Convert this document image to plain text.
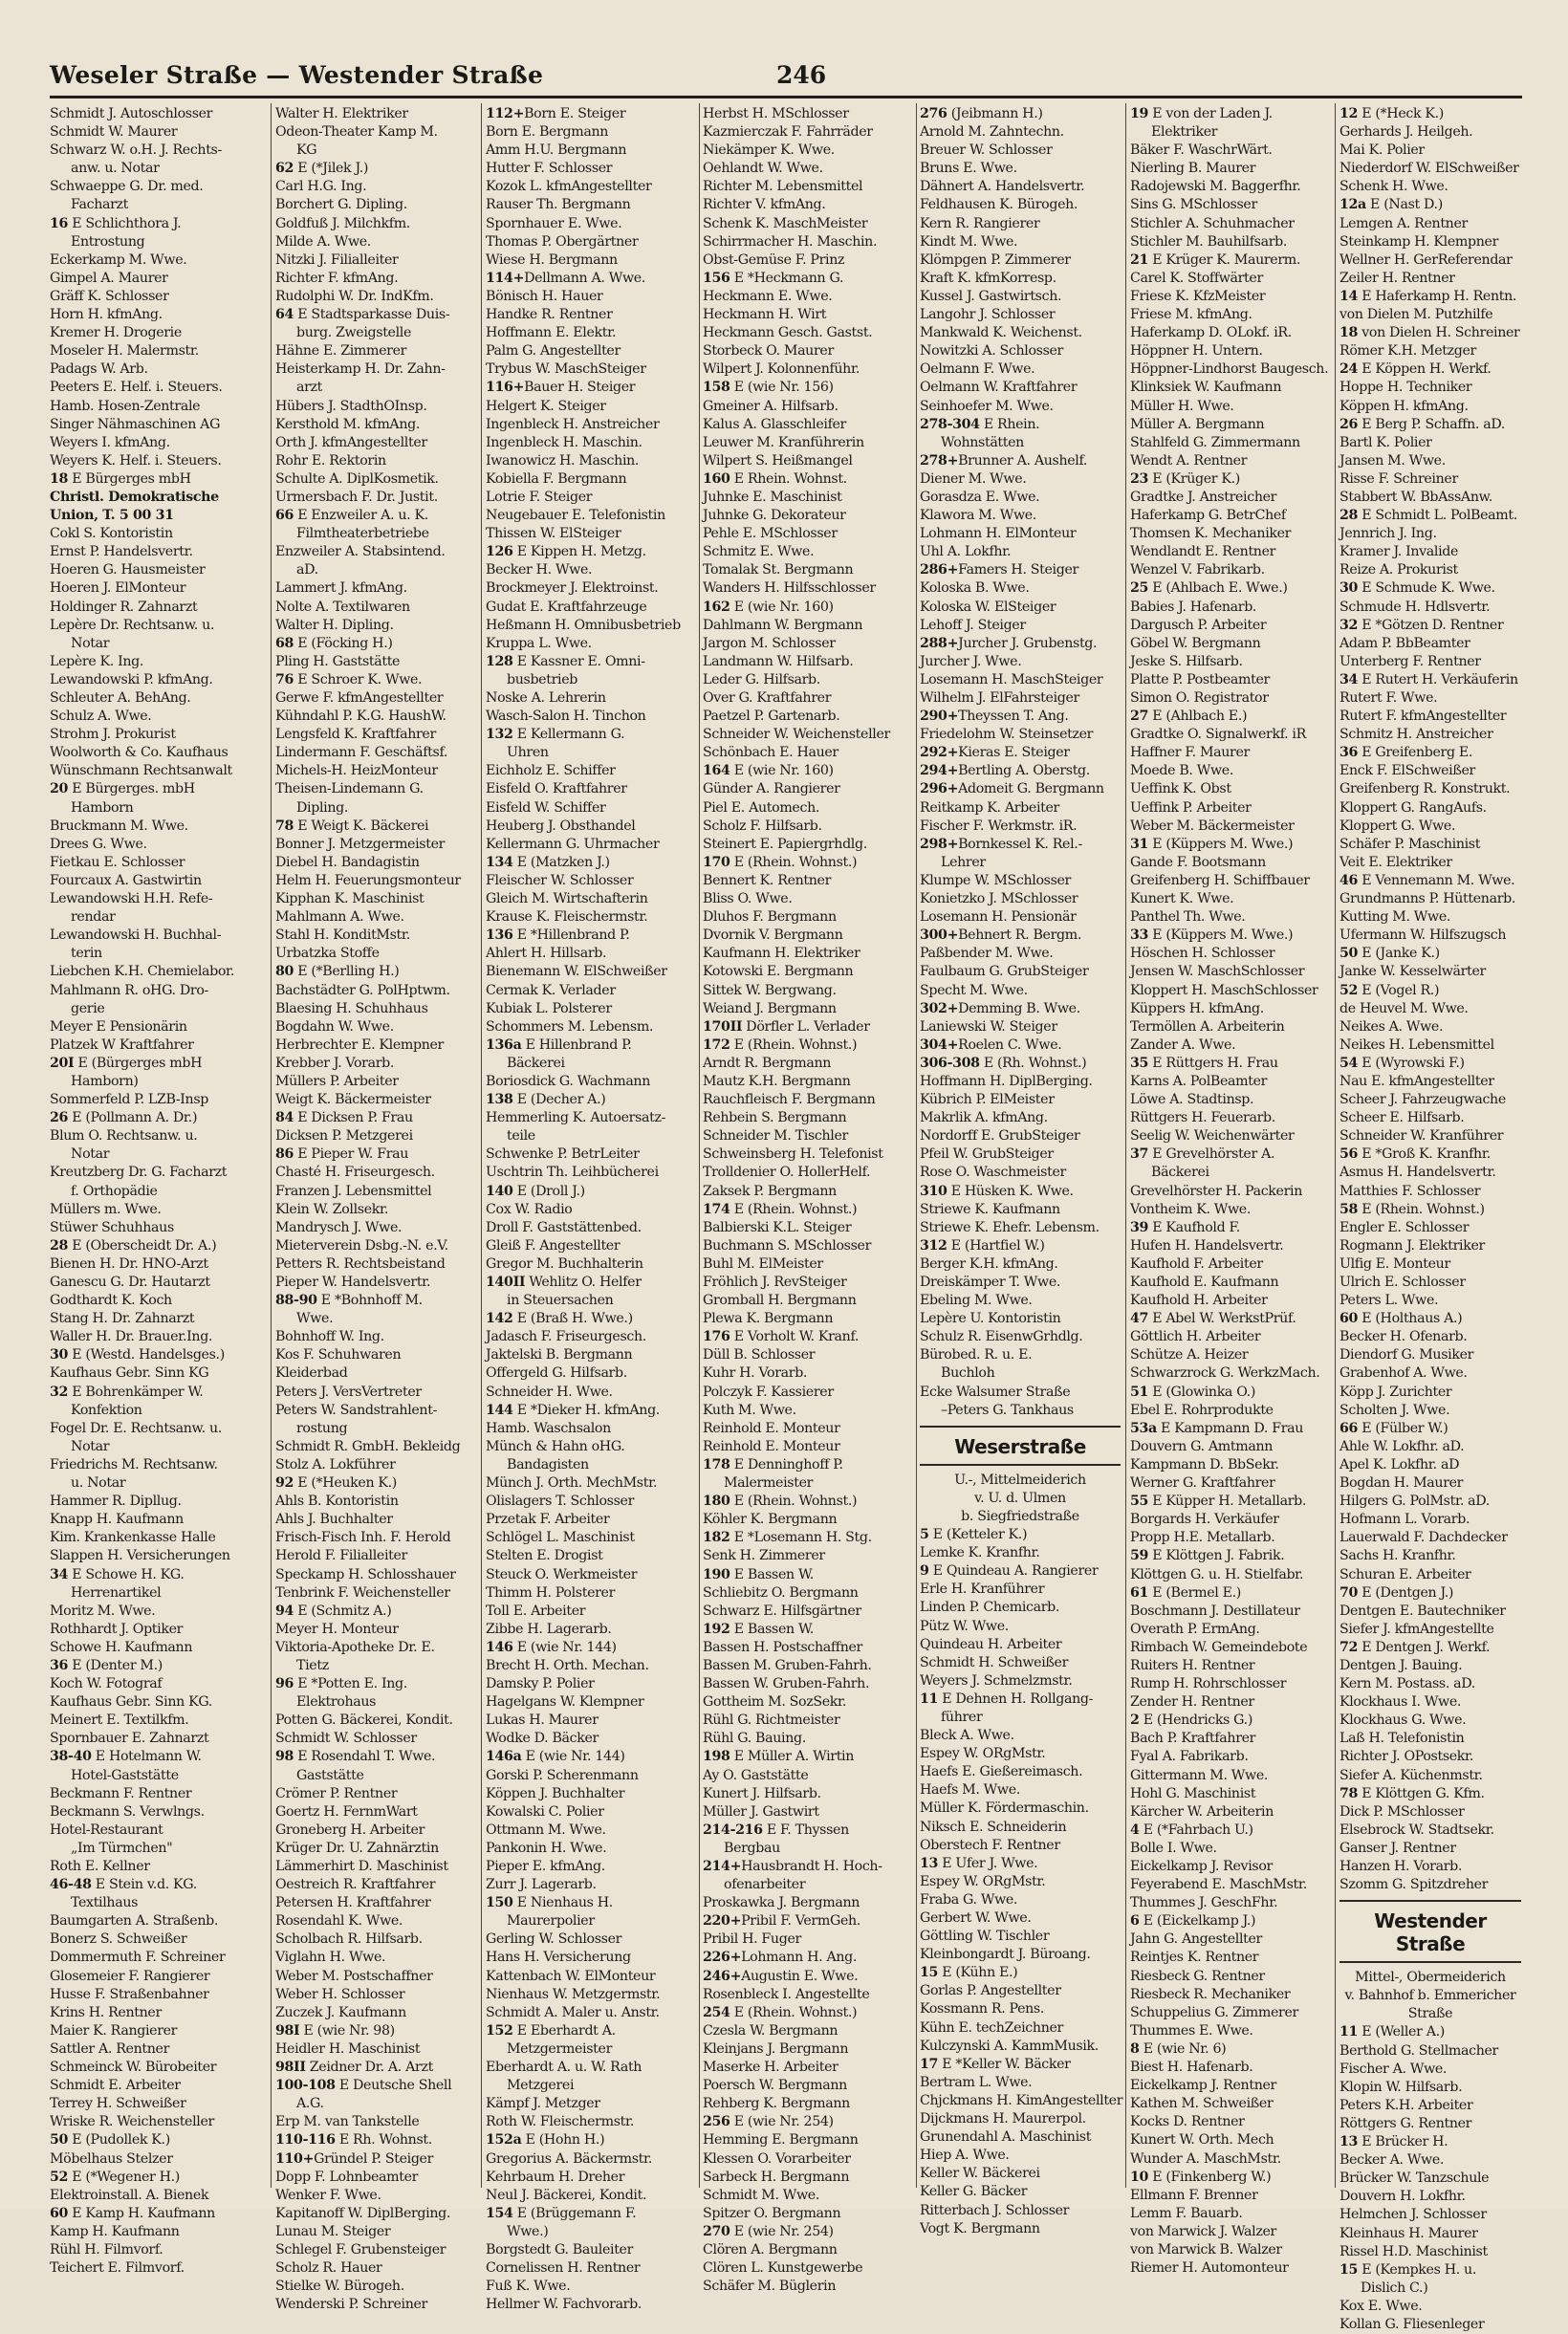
Weseler Straße — Westender Straße	246
Schmidt J. Autoschlosser
Schmidt W. Maurer
Schwarz W. o.H. J. Rechts-
anw. u. Notar
Schwaeppe G. Dr. med.
Facharzt
16 E Schlichthora J.
Entrostung
Eckerkamp M. Wwe.
Gimpel A. Maurer
Gräff K. Schlosser
Horn H. kfmAng.
Kremer H. Drogerie
Moseler H. Malermstr.
Padags W. Arb.
Peeters E. Helf. i. Steuers.
Hamb. Hosen-Zentrale
Singer Nähmaschinen AG
Weyers I. kfmAng.
Weyers K. Helf. i. Steuers.
18 E Bürgerges mbH
Christl. Demokratische
Union, T. 5 00 31
Cokl S. Kontoristin
Ernst P. Handelsvertr.
Hoeren G. Hausmeister
Hoeren J. ElMonteur
Holdinger R. Zahnarzt
Lepère Dr. Rechtsanw. u.
Notar
Lepère K. Ing.
Lewandowski P. kfmAng.
Schleuter A. BehAng.
Schulz A. Wwe.
Strohm J. Prokurist
Woolworth & Co. Kaufhaus
Wünschmann Rechtsanwalt
20 E Bürgerges. mbH
Hamborn
Bruckmann M. Wwe.
Drees G. Wwe.
Fietkau E. Schlosser
Fourcaux A. Gastwirtin
Lewandowski H.H. Refe-
rendar
Lewandowski H. Buchhal-
terin
Liebchen K.H. Chemielabor.
Mahlmann R. oHG. Dro-
gerie
Meyer E Pensionärin
Platzek W Kraftfahrer
20I E (Bürgerges mbH
Hamborn)
Sommerfeld P. LZB-Insp
26 E (Pollmann A. Dr.)
Blum O. Rechtsanw. u.
Notar
Kreutzberg Dr. G. Facharzt
f. Orthopädie
Müllers m. Wwe.
Stüwer Schuhhaus
28 E (Oberscheidt Dr. A.)
Bienen H. Dr. HNO-Arzt
Ganescu G. Dr. Hautarzt
Godthardt K. Koch
Stang H. Dr. Zahnarzt
Waller H. Dr. Brauer.Ing.
30 E (Westd. Handelsges.)
Kaufhaus Gebr. Sinn KG
32 E Bohrenkämper W.
Konfektion
Fogel Dr. E. Rechtsanw. u.
Notar
Friedrichs M. Rechtsanw.
u. Notar
Hammer R. Dipllug.
Knapp H. Kaufmann
Kim. Krankenkasse Halle
Slappen H. Versicherungen
34 E Schowe H. KG.
Herrenartikel
Moritz M. Wwe.
Rothhardt J. Optiker
Schowe H. Kaufmann
36 E (Denter M.)
Koch W. Fotograf
Kaufhaus Gebr. Sinn KG.
Meinert E. Textilkfm.
Spornbauer E. Zahnarzt
38-40 E Hotelmann W.
Hotel-Gaststätte
Beckmann F. Rentner
Beckmann S. Verwlngs.
Hotel-Restaurant
„Im Türmchen"
Roth E. Kellner
46-48 E Stein v.d. KG.
Textilhaus
Baumgarten A. Straßenb.
Bonerz S. Schweißer
Dommermuth F. Schreiner
Glosemeier F. Rangierer
Husse F. Straßenbahner
Krins H. Rentner
Maier K. Rangierer
Sattler A. Rentner
Schmeinck W. Bürobeiter
Schmidt E. Arbeiter
Terrey H. Schweißer
Wriske R. Weichensteller
50 E (Pudollek K.)
Möbelhaus Stelzer
52 E (*Wegener H.)
Elektroinstall. A. Bienek
60 E Kamp H. Kaufmann
Kamp H. Kaufmann
Rühl H. Filmvorf.
Teichert E. Filmvorf.
Walter H. Elektriker
Odeon-Theater Kamp M.
KG
62 E (*Jilek J.)
Carl H.G. Ing.
Borchert G. Dipling.
Goldfuß J. Milchkfm.
Milde A. Wwe.
Nitzki J. Filialleiter
Richter F. kfmAng.
Rudolphi W. Dr. IndKfm.
64 E Stadtsparkasse Duis-
burg. Zweigstelle
Hähne E. Zimmerer
Heisterkamp H. Dr. Zahn-
arzt
Hübers J. StadthOInsp.
Kersthold M. kfmAng.
Orth J. kfmAngestellter
Rohr E. Rektorin
Schulte A. DiplKosmetik.
Urmersbach F. Dr. Justit.
66 E Enzweiler A. u. K.
Filmtheaterbetriebe
Enzweiler A. Stabsintend.
aD.
Lammert J. kfmAng.
Nolte A. Textilwaren
Walter H. Dipling.
68 E (Föcking H.)
Pling H. Gaststätte
76 E Schroer K. Wwe.
Gerwe F. kfmAngestellter
Kühndahl P. K.G. HaushW.
Lengsfeld K. Kraftfahrer
Lindermann F. Geschäftsf.
Michels-H. HeizMonteur
Theisen-Lindemann G.
Dipling.
78 E Weigt K. Bäckerei
Bonner J. Metzgermeister
Diebel H. Bandagistin
Helm H. Feuerungsmonteur
Kipphan K. Maschinist
Mahlmann A. Wwe.
Stahl H. KonditMstr.
Urbatzka Stoffe
80 E (*Berlling H.)
Bachstädter G. PolHptwm.
Blaesing H. Schuhhaus
Bogdahn W. Wwe.
Herbrechter E. Klempner
Krebber J. Vorarb.
Müllers P. Arbeiter
Weigt K. Bäckermeister
84 E Dicksen P. Frau
Dicksen P. Metzgerei
86 E Pieper W. Frau
Chasté H. Friseurgesch.
Franzen J. Lebensmittel
Klein W. Zollsekr.
Mandrysch J. Wwe.
Mieterverein Dsbg.-N. e.V.
Petters R. Rechtsbeistand
Pieper W. Handelsvertr.
88-90 E *Bohnhoff M.
Wwe.
Bohnhoff W. Ing.
Kos F. Schuhwaren
Kleiderbad
Peters J. VersVertreter
Peters W. Sandstrahlent-
rostung
Schmidt R. GmbH. Bekleidg
Stolz A. Lokführer
92 E (*Heuken K.)
Ahls B. Kontoristin
Ahls J. Buchhalter
Frisch-Fisch Inh. F. Herold
Herold F. Filialleiter
Speckamp H. Schlosshauer
Tenbrink F. Weichensteller
94 E (Schmitz A.)
Meyer H. Monteur
Viktoria-Apotheke Dr. E.
Tietz
96 E *Potten E. Ing.
Elektrohaus
Potten G. Bäckerei, Kondit.
Schmidt W. Schlosser
98 E Rosendahl T. Wwe.
Gaststätte
Crömer P. Rentner
Goertz H. FernmWart
Groneberg H. Arbeiter
Krüger Dr. U. Zahnärztin
Lämmerhirt D. Maschinist
Oestreich R. Kraftfahrer
Petersen H. Kraftfahrer
Rosendahl K. Wwe.
Scholbach R. Hilfsarb.
Viglahn H. Wwe.
Weber M. Postschaffner
Weber H. Schlosser
Zuczek J. Kaufmann
98I E (wie Nr. 98)
Heidler H. Maschinist
98II Zeidner Dr. A. Arzt
100-108 E Deutsche Shell
A.G.
Erp M. van Tankstelle
110-116 E Rh. Wohnst.
110+Gründel P. Steiger
Dopp F. Lohnbeamter
Wenker F. Wwe.
Kapitanoff W. DiplBerging.
Lunau M. Steiger
Schlegel F. Grubensteiger
Scholz R. Hauer
Stielke W. Bürogeh.
Wenderski P. Schreiner
112+Born E. Steiger
Born E. Bergmann
Amm H.U. Bergmann
Hutter F. Schlosser
Kozok L. kfmAngestellter
Rauser Th. Bergmann
Spornhauer E. Wwe.
Thomas P. Obergärtner
Wiese H. Bergmann
114+Dellmann A. Wwe.
Bönisch H. Hauer
Handke R. Rentner
Hoffmann E. Elektr.
Palm G. Angestellter
Trybus W. MaschSteiger
116+Bauer H. Steiger
Helgert K. Steiger
Ingenbleck H. Anstreicher
Ingenbleck H. Maschin.
Iwanowicz H. Maschin.
Kobiella F. Bergmann
Lotrie F. Steiger
Neugebauer E. Telefonistin
Thissen W. ElSteiger
126 E Kippen H. Metzg.
Becker H. Wwe.
Brockmeyer J. Elektroinst.
Gudat E. Kraftfahrzeuge
Heßmann H. Omnibusbetrieb
Kruppa L. Wwe.
128 E Kassner E. Omni-
busbetrieb
Noske A. Lehrerin
Wasch-Salon H. Tinchon
132 E Kellermann G.
Uhren
Eichholz E. Schiffer
Eisfeld O. Kraftfahrer
Eisfeld W. Schiffer
Heuberg J. Obsthandel
Kellermann G. Uhrmacher
134 E (Matzken J.)
Fleischer W. Schlosser
Gleich M. Wirtschafterin
Krause K. Fleischermstr.
136 E *Hillenbrand P.
Ahlert H. Hillsarb.
Bienemann W. ElSchweißer
Cermak K. Verlader
Kubiak L. Polsterer
Schommers M. Lebensm.
136a E Hillenbrand P.
Bäckerei
Boriosdick G. Wachmann
138 E (Decher A.)
Hemmerling K. Autoersatz-
teile
Schwenke P. BetrLeiter
Uschtrin Th. Leihbücherei
140 E (Droll J.)
Cox W. Radio
Droll F. Gaststättenbed.
Gleiß F. Angestellter
Gregor M. Buchhalterin
140II Wehlitz O. Helfer
in Steuersachen
142 E (Braß H. Wwe.)
Jadasch F. Friseurgesch.
Jaktelski B. Bergmann
Offergeld G. Hilfsarb.
Schneider H. Wwe.
144 E *Dieker H. kfmAng.
Hamb. Waschsalon
Münch & Hahn oHG.
Bandagisten
Münch J. Orth. MechMstr.
Olislagers T. Schlosser
Przetak F. Arbeiter
Schlögel L. Maschinist
Stelten E. Drogist
Steuck O. Werkmeister
Thimm H. Polsterer
Toll E. Arbeiter
Zibbe H. Lagerarb.
146 E (wie Nr. 144)
Brecht H. Orth. Mechan.
Damsky P. Polier
Hagelgans W. Klempner
Lukas H. Maurer
Wodke D. Bäcker
146a E (wie Nr. 144)
Gorski P. Scherenmann
Köppen J. Buchhalter
Kowalski C. Polier
Ottmann M. Wwe.
Pankonin H. Wwe.
Pieper E. kfmAng.
Zurr J. Lagerarb.
150 E Nienhaus H.
Maurerpolier
Gerling W. Schlosser
Hans H. Versicherung
Kattenbach W. ElMonteur
Nienhaus W. Metzgermstr.
Schmidt A. Maler u. Anstr.
152 E Eberhardt A.
Metzgermeister
Eberhardt A. u. W. Rath
Metzgerei
Kämpf J. Metzger
Roth W. Fleischermstr.
152a E (Hohn H.)
Gregorius A. Bäckermstr.
Kehrbaum H. Dreher
Neul J. Bäckerei, Kondit.
154 E (Brüggemann F.
Wwe.)
Borgstedt G. Bauleiter
Cornelissen H. Rentner
Fuß K. Wwe.
Hellmer W. Fachvorarb.
Herbst H. MSchlosser
Kazmierczak F. Fahrräder
Niekämper K. Wwe.
Oehlandt W. Wwe.
Richter M. Lebensmittel
Richter V. kfmAng.
Schenk K. MaschMeister
Schirrmacher H. Maschin.
Obst-Gemüse F. Prinz
156 E *Heckmann G.
Heckmann E. Wwe.
Heckmann H. Wirt
Heckmann Gesch. Gastst.
Storbeck O. Maurer
Wilpert J. Kolonnenführ.
158 E (wie Nr. 156)
Gmeiner A. Hilfsarb.
Kalus A. Glasschleifer
Leuwer M. Kranführerin
Wilpert S. Heißmangel
160 E Rhein. Wohnst.
Juhnke E. Maschinist
Juhnke G. Dekorateur
Pehle E. MSchlosser
Schmitz E. Wwe.
Tomalak St. Bergmann
Wanders H. Hilfsschlosser
162 E (wie Nr. 160)
Dahlmann W. Bergmann
Jargon M. Schlosser
Landmann W. Hilfsarb.
Leder G. Hilfsarb.
Over G. Kraftfahrer
Paetzel P. Gartenarb.
Schneider W. Weichensteller
Schönbach E. Hauer
164 E (wie Nr. 160)
Günder A. Rangierer
Piel E. Automech.
Scholz F. Hilfsarb.
Steinert E. Papiergrhdlg.
170 E (Rhein. Wohnst.)
Bennert K. Rentner
Bliss O. Wwe.
Dluhos F. Bergmann
Dvornik V. Bergmann
Kaufmann H. Elektriker
Kotowski E. Bergmann
Sittek W. Bergwang.
Weiand J. Bergmann
170II Dörfler L. Verlader
172 E (Rhein. Wohnst.)
Arndt R. Bergmann
Mautz K.H. Bergmann
Rauchfleisch F. Bergmann
Rehbein S. Bergmann
Schneider M. Tischler
Schweinsberg H. Telefonist
Trolldenier O. HollerHelf.
Zaksek P. Bergmann
174 E (Rhein. Wohnst.)
Balbierski K.L. Steiger
Buchmann S. MSchlosser
Buhl M. ElMeister
Fröhlich J. RevSteiger
Gromball H. Bergmann
Plewa K. Bergmann
176 E Vorholt W. Kranf.
Düll B. Schlosser
Kuhr H. Vorarb.
Polczyk F. Kassierer
Kuth M. Wwe.
Reinhold E. Monteur
Reinhold E. Monteur
178 E Denninghoff P.
Malermeister
180 E (Rhein. Wohnst.)
Köhler K. Bergmann
182 E *Losemann H. Stg.
Senk H. Zimmerer
190 E Bassen W.
Schliebitz O. Bergmann
Schwarz E. Hilfsgärtner
192 E Bassen W.
Bassen H. Postschaffner
Bassen M. Gruben-Fahrh.
Bassen W. Gruben-Fahrh.
Gottheim M. SozSekr.
Rühl G. Richtmeister
Rühl G. Bauing.
198 E Müller A. Wirtin
Ay O. Gaststätte
Kunert J. Hilfsarb.
Müller J. Gastwirt
214-216 E F. Thyssen
Bergbau
214+Hausbrandt H. Hoch-
ofenarbeiter
Proskawka J. Bergmann
220+Pribil F. VermGeh.
Pribil H. Fuger
226+Lohmann H. Ang.
246+Augustin E. Wwe.
Rosenbleck I. Angestellte
254 E (Rhein. Wohnst.)
Czesla W. Bergmann
Kleinjans J. Bergmann
Maserke H. Arbeiter
Poersch W. Bergmann
Rehberg K. Bergmann
256 E (wie Nr. 254)
Hemming E. Bergmann
Klessen O. Vorarbeiter
Sarbeck H. Bergmann
Schmidt M. Wwe.
Spitzer O. Bergmann
270 E (wie Nr. 254)
Clören A. Bergmann
Clören L. Kunstgewerbe
Schäfer M. Büglerin
276 (Jeibmann H.)
Arnold M. Zahntechn.
Breuer W. Schlosser
Bruns E. Wwe.
Dähnert A. Handelsvertr.
Feldhausen K. Bürogeh.
Kern R. Rangierer
Kindt M. Wwe.
Klömpgen P. Zimmerer
Kraft K. kfmKorresp.
Kussel J. Gastwirtsch.
Langohr J. Schlosser
Mankwald K. Weichenst.
Nowitzki A. Schlosser
Oelmann F. Wwe.
Oelmann W. Kraftfahrer
Seinhoefer M. Wwe.
278-304 E Rhein.
Wohnstätten
278+Brunner A. Aushelf.
Diener M. Wwe.
Gorasdza E. Wwe.
Klawora M. Wwe.
Lohmann H. ElMonteur
Uhl A. Lokfhr.
286+Famers H. Steiger
Koloska B. Wwe.
Koloska W. ElSteiger
Lehoff J. Steiger
288+Jurcher J. Grubenstg.
Jurcher J. Wwe.
Losemann H. MaschSteiger
Wilhelm J. ElFahrsteiger
290+Theyssen T. Ang.
Friedelohm W. Steinsetzer
292+Kieras E. Steiger
294+Bertling A. Oberstg.
296+Adomeit G. Bergmann
Reitkamp K. Arbeiter
Fischer F. Werkmstr. iR.
298+Bornkessel K. Rel.-
Lehrer
Klumpe W. MSchlosser
Konietzko J. MSchlosser
Losemann H. Pensionär
300+Behnert R. Bergm.
Paßbender M. Wwe.
Faulbaum G. GrubSteiger
Specht M. Wwe.
302+Demming B. Wwe.
Laniewski W. Steiger
304+Roelen C. Wwe.
306-308 E (Rh. Wohnst.)
Hoffmann H. DiplBerging.
Kübrich P. ElMeister
Makrlik A. kfmAng.
Nordorff E. GrubSteiger
Pfeil W. GrubSteiger
Rose O. Waschmeister
310 E Hüsken K. Wwe.
Striewe K. Kaufmann
Striewe K. Ehefr. Lebensm.
312 E (Hartfiel W.)
Berger K.H. kfmAng.
Dreiskämper T. Wwe.
Ebeling M. Wwe.
Lepère U. Kontoristin
Schulz R. EisenwGrhdlg.
Bürobed. R. u. E.
Buchloh
Ecke Walsumer Straße
–Peters G. Tankhaus
Weserstraße
U.-, Mittelmeiderich
v. U. d. Ulmen
b. Siegfriedstraße
5 E (Ketteler K.)
Lemke K. Kranfhr.
9 E Quindeau A. Rangierer
Erle H. Kranführer
Linden P. Chemicarb.
Pütz W. Wwe.
Quindeau H. Arbeiter
Schmidt H. Schweißer
Weyers J. Schmelzmstr.
11 E Dehnen H. Rollgang-
führer
Bleck A. Wwe.
Espey W. ORgMstr.
Haefs E. Gießereimasch.
Haefs M. Wwe.
Müller K. Fördermaschin.
Niksch E. Schneiderin
Oberstech F. Rentner
13 E Ufer J. Wwe.
Espey W. ORgMstr.
Fraba G. Wwe.
Gerbert W. Wwe.
Göttling W. Tischler
Kleinbongardt J. Büroang.
15 E (Kühn E.)
Gorlas P. Angestellter
Kossmann R. Pens.
Kühn E. techZeichner
Kulczynski A. KammMusik.
17 E *Keller W. Bäcker
Bertram L. Wwe.
Chjckmans H. KimAngestellter
Dijckmans H. Maurerpol.
Grunendahl A. Maschinist
Hiep A. Wwe.
Keller W. Bäckerei
Keller G. Bäcker
Ritterbach J. Schlosser
Vogt K. Bergmann
19 E von der Laden J.
Elektriker
Bäker F. WaschrWärt.
Nierling B. Maurer
Radojewski M. Baggerfhr.
Sins G. MSchlosser
Stichler A. Schuhmacher
Stichler M. Bauhilfsarb.
21 E Krüger K. Maurerm.
Carel K. Stoffwärter
Friese K. KfzMeister
Friese M. kfmAng.
Haferkamp D. OLokf. iR.
Höppner H. Untern.
Höppner-Lindhorst Baugesch.
Klinksiek W. Kaufmann
Müller H. Wwe.
Müller A. Bergmann
Stahlfeld G. Zimmermann
Wendt A. Rentner
23 E (Krüger K.)
Gradtke J. Anstreicher
Haferkamp G. BetrChef
Thomsen K. Mechaniker
Wendlandt E. Rentner
Wenzel V. Fabrikarb.
25 E (Ahlbach E. Wwe.)
Babies J. Hafenarb.
Dargusch P. Arbeiter
Göbel W. Bergmann
Jeske S. Hilfsarb.
Platte P. Postbeamter
Simon O. Registrator
27 E (Ahlbach E.)
Gradtke O. Signalwerkf. iR
Haffner F. Maurer
Moede B. Wwe.
Ueffink K. Obst
Ueffink P. Arbeiter
Weber M. Bäckermeister
31 E (Küppers M. Wwe.)
Gande F. Bootsmann
Greifenberg H. Schiffbauer
Kunert K. Wwe.
Panthel Th. Wwe.
33 E (Küppers M. Wwe.)
Höschen H. Schlosser
Jensen W. MaschSchlosser
Kloppert H. MaschSchlosser
Küppers H. kfmAng.
Termöllen A. Arbeiterin
Zander A. Wwe.
35 E Rüttgers H. Frau
Karns A. PolBeamter
Löwe A. Stadtinsp.
Rüttgers H. Feuerarb.
Seelig W. Weichenwärter
37 E Grevelhörster A.
Bäckerei
Grevelhörster H. Packerin
Vontheim K. Wwe.
39 E Kaufhold F.
Hufen H. Handelsvertr.
Kaufhold F. Arbeiter
Kaufhold E. Kaufmann
Kaufhold H. Arbeiter
47 E Abel W. WerkstPrüf.
Göttlich H. Arbeiter
Schütze A. Heizer
Schwarzrock G. WerkzMach.
51 E (Glowinka O.)
Ebel E. Rohrprodukte
53a E Kampmann D. Frau
Douvern G. Amtmann
Kampmann D. BbSekr.
Werner G. Kraftfahrer
55 E Küpper H. Metallarb.
Borgards H. Verkäufer
Propp H.E. Metallarb.
59 E Klöttgen J. Fabrik.
Klöttgen G. u. H. Stielfabr.
61 E (Bermel E.)
Boschmann J. Destillateur
Overath P. ErmAng.
Rimbach W. Gemeindebote
Ruiters H. Rentner
Rump H. Rohrschlosser
Zender H. Rentner
2 E (Hendricks G.)
Bach P. Kraftfahrer
Fyal A. Fabrikarb.
Gittermann M. Wwe.
Hohl G. Maschinist
Kärcher W. Arbeiterin
4 E (*Fahrbach U.)
Bolle I. Wwe.
Eickelkamp J. Revisor
Feyerabend E. MaschMstr.
Thummes J. GeschFhr.
6 E (Eickelkamp J.)
Jahn G. Angestellter
Reintjes K. Rentner
Riesbeck G. Rentner
Riesbeck R. Mechaniker
Schuppelius G. Zimmerer
Thummes E. Wwe.
8 E (wie Nr. 6)
Biest H. Hafenarb.
Eickelkamp J. Rentner
Kathen M. Schweißer
Kocks D. Rentner
Kunert W. Orth. Mech
Wunder A. MaschMstr.
10 E (Finkenberg W.)
Ellmann F. Brenner
Lemm F. Bauarb.
von Marwick J. Walzer
von Marwick B. Walzer
Riemer H. Automonteur
12 E (*Heck K.)
Gerhards J. Heilgeh.
Mai K. Polier
Niederdorf W. ElSchweißer
Schenk H. Wwe.
12a E (Nast D.)
Lemgen A. Rentner
Steinkamp H. Klempner
Wellner H. GerReferendar
Zeiler H. Rentner
14 E Haferkamp H. Rentn.
von Dielen M. Putzhilfe
18 von Dielen H. Schreiner
Römer K.H. Metzger
24 E Köppen H. Werkf.
Hoppe H. Techniker
Köppen H. kfmAng.
26 E Berg P. Schaffn. aD.
Bartl K. Polier
Jansen M. Wwe.
Risse F. Schreiner
Stabbert W. BbAssAnw.
28 E Schmidt L. PolBeamt.
Jennrich J. Ing.
Kramer J. Invalide
Reize A. Prokurist
30 E Schmude K. Wwe.
Schmude H. Hdlsvertr.
32 E *Götzen D. Rentner
Adam P. BbBeamter
Unterberg F. Rentner
34 E Rutert H. Verkäuferin
Rutert F. Wwe.
Rutert F. kfmAngestellter
Schmitz H. Anstreicher
36 E Greifenberg E.
Enck F. ElSchweißer
Greifenberg R. Konstrukt.
Kloppert G. RangAufs.
Kloppert G. Wwe.
Schäfer P. Maschinist
Veit E. Elektriker
46 E Vennemann M. Wwe.
Grundmanns P. Hüttenarb.
Kutting M. Wwe.
Ufermann W. Hilfszugsch
50 E (Janke K.)
Janke W. Kesselwärter
52 E (Vogel R.)
de Heuvel M. Wwe.
Neikes A. Wwe.
Neikes H. Lebensmittel
54 E (Wyrowski F.)
Nau E. kfmAngestellter
Scheer J. Fahrzeugwache
Scheer E. Hilfsarb.
Schneider W. Kranführer
56 E *Groß K. Kranfhr.
Asmus H. Handelsvertr.
Matthies F. Schlosser
58 E (Rhein. Wohnst.)
Engler E. Schlosser
Rogmann J. Elektriker
Ulfig E. Monteur
Ulrich E. Schlosser
Peters L. Wwe.
60 E (Holthaus A.)
Becker H. Ofenarb.
Diendorf G. Musiker
Grabenhof A. Wwe.
Köpp J. Zurichter
Scholten J. Wwe.
66 E (Fülber W.)
Ahle W. Lokfhr. aD.
Apel K. Lokfhr. aD
Bogdan H. Maurer
Hilgers G. PolMstr. aD.
Hofmann L. Vorarb.
Lauerwald F. Dachdecker
Sachs H. Kranfhr.
Schuran E. Arbeiter
70 E (Dentgen J.)
Dentgen E. Bautechniker
Siefer J. kfmAngestellte
72 E Dentgen J. Werkf.
Dentgen J. Bauing.
Kern M. Postass. aD.
Klockhaus I. Wwe.
Klockhaus G. Wwe.
Laß H. Telefonistin
Richter J. OPostsekr.
Siefer A. Küchenmstr.
78 E Klöttgen G. Kfm.
Dick P. MSchlosser
Elsebrock W. Stadtsekr.
Ganser J. Rentner
Hanzen H. Vorarb.
Szomm G. Spitzdreher
Westender Straße
Mittel-, Obermeiderich
v. Bahnhof b. Emmericher
Straße
11 E (Weller A.)
Berthold G. Stellmacher
Fischer A. Wwe.
Klopin W. Hilfsarb.
Peters K.H. Arbeiter
Röttgers G. Rentner
13 E Brücker H.
Becker A. Wwe.
Brücker W. Tanzschule
Douvern H. Lokfhr.
Helmchen J. Schlosser
Kleinhaus H. Maurer
Rissel H.D. Maschinist
15 E (Kempkes H. u.
Dislich C.)
Kox E. Wwe.
Kollan G. Fliesenleger
